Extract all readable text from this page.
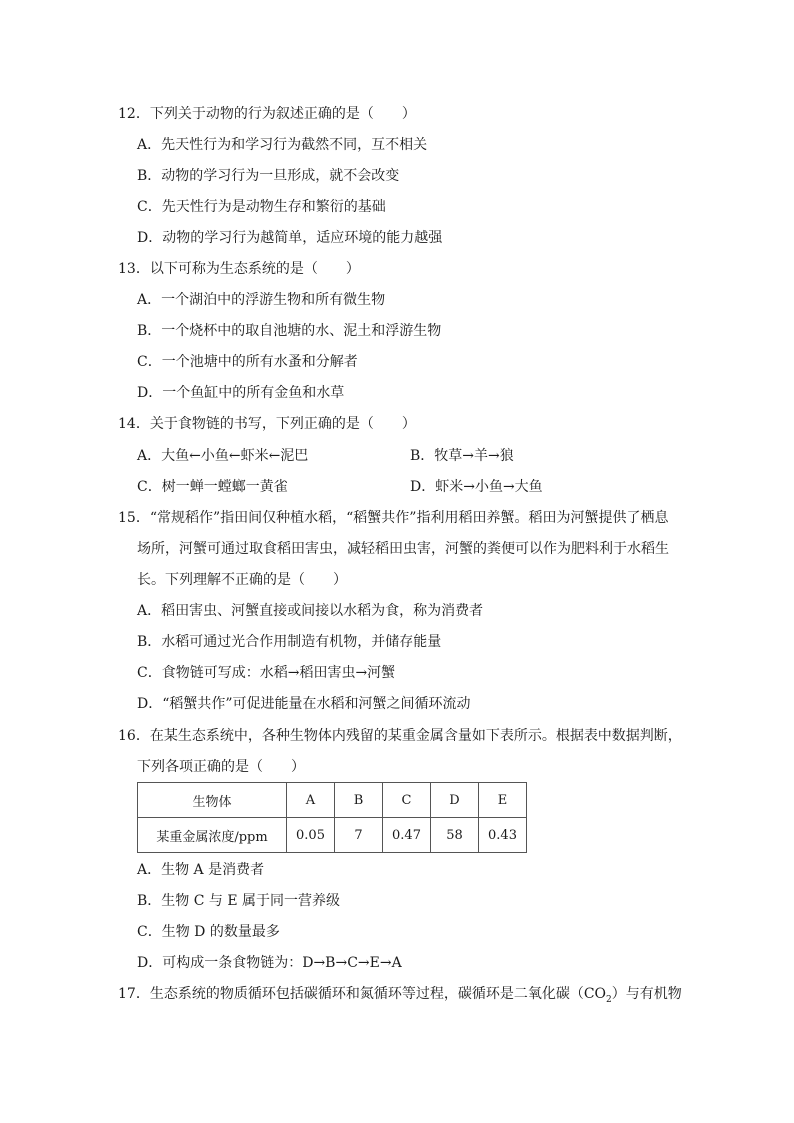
12．下列关于动物的行为叙述正确的是（　　）
A．先天性行为和学习行为截然不同，互不相关
B．动物的学习行为一旦形成，就不会改变
C．先天性行为是动物生存和繁衍的基础
D．动物的学习行为越简单，适应环境的能力越强
13．以下可称为生态系统的是（　　）
A．一个湖泊中的浮游生物和所有微生物
B．一个烧杯中的取自池塘的水、泥土和浮游生物
C．一个池塘中的所有水蚤和分解者
D．一个鱼缸中的所有金鱼和水草
14．关于食物链的书写，下列正确的是（　　）
A．大鱼←小鱼←虾米←泥巴	B．牧草→羊→狼
C．树一蝉一螳螂一黄雀	D．虾米→小鱼→大鱼
15．“常规稻作”指田间仅种植水稻，“稻蟹共作”指利用稻田养蟹。稻田为河蟹提供了栖息
场所，河蟹可通过取食稻田害虫，减轻稻田虫害，河蟹的粪便可以作为肥料利于水稻生
长。下列理解不正确的是（　　）
A．稻田害虫、河蟹直接或间接以水稻为食，称为消费者
B．水稻可通过光合作用制造有机物，并储存能量
C．食物链可写成：水稻→稻田害虫→河蟹
D．“稻蟹共作”可促进能量在水稻和河蟹之间循环流动
16．在某生态系统中，各种生物体内残留的某重金属含量如下表所示。根据表中数据判断，
下列各项正确的是（　　）
生物体	A	B	C	D	E
某重金属浓度/ppm	0.05	7	0.47	58	0.43
A．生物 A 是消费者
B．生物 C 与 E 属于同一营养级
C．生物 D 的数量最多
D．可构成一条食物链为：D→B→C→E→A
17．生态系统的物质循环包括碳循环和氮循环等过程，碳循环是二氧化碳$(CO_2)$与有机物
